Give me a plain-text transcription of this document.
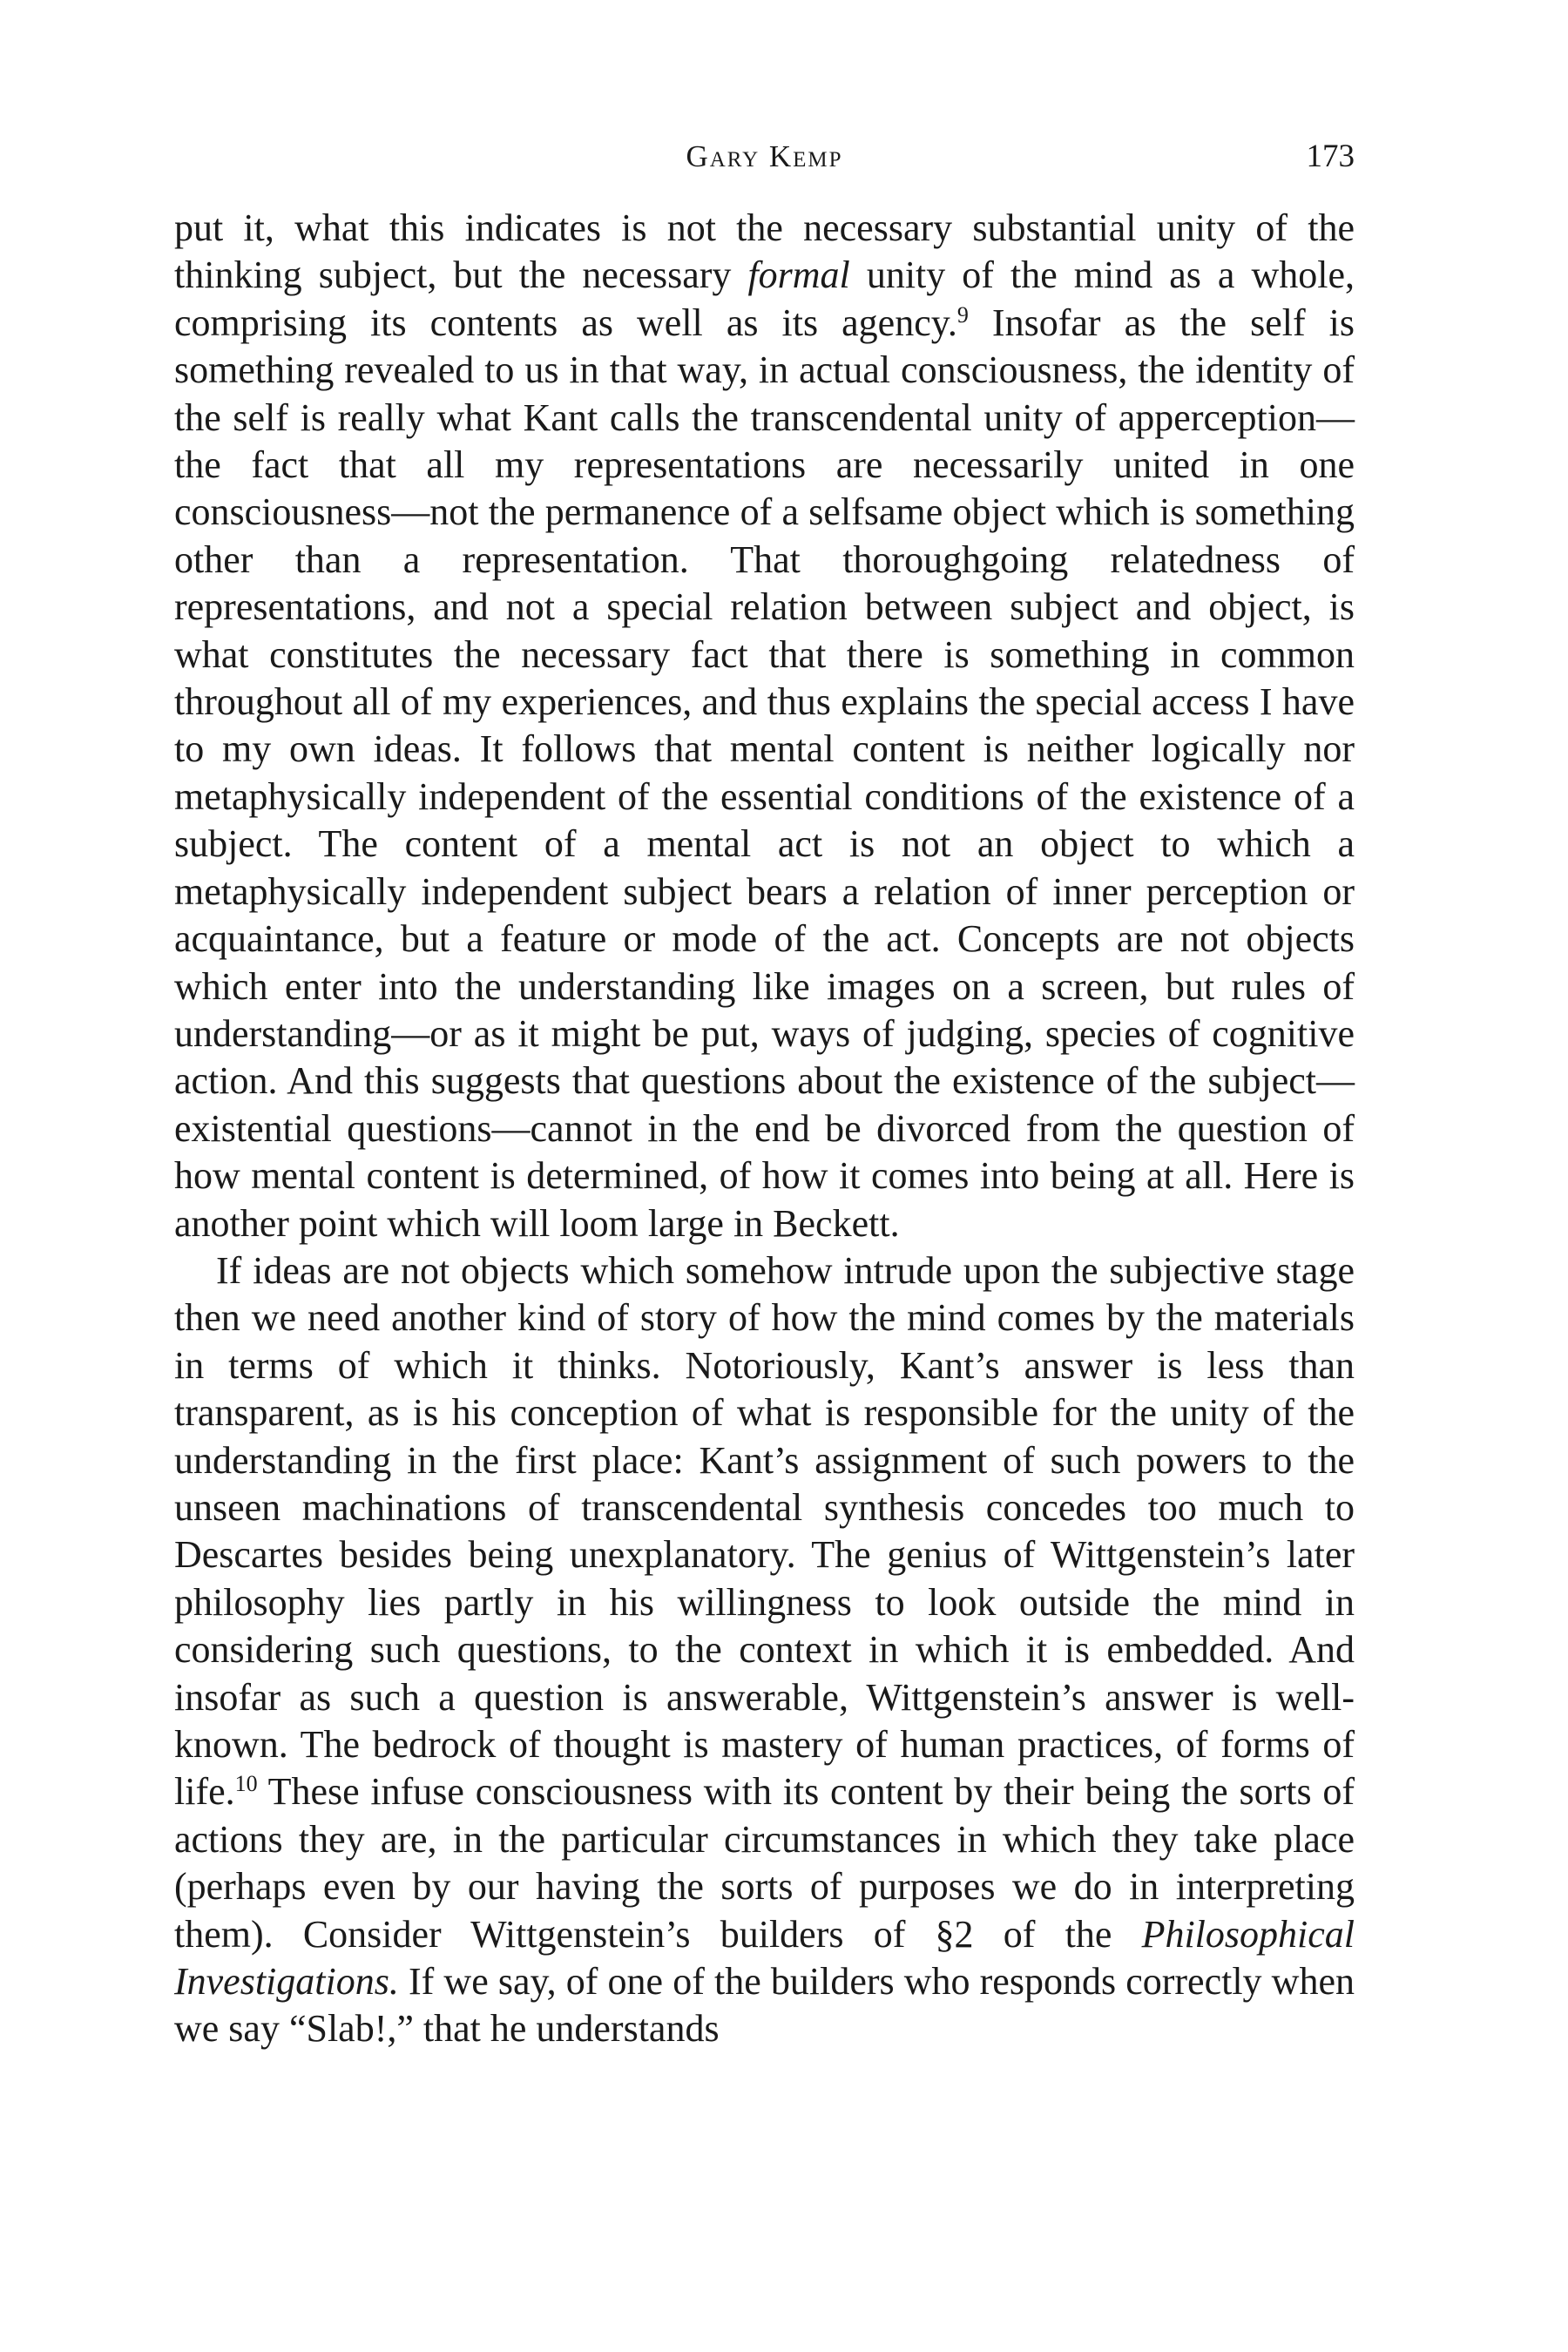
Gary Kemp	173

put it, what this indicates is not the necessary substantial unity of the thinking subject, but the necessary formal unity of the mind as a whole, comprising its contents as well as its agency.$^9$ Insofar as the self is something revealed to us in that way, in actual consciousness, the identity of the self is really what Kant calls the transcendental unity of apperception—the fact that all my representations are necessarily united in one consciousness—not the permanence of a selfsame object which is something other than a representation. That thoroughgoing relatedness of representations, and not a special relation between subject and object, is what constitutes the necessary fact that there is something in common throughout all of my experiences, and thus explains the special access I have to my own ideas. It follows that mental content is neither logically nor metaphysically independent of the essential conditions of the existence of a subject. The content of a mental act is not an object to which a metaphysically independent subject bears a relation of inner perception or acquaintance, but a feature or mode of the act. Concepts are not objects which enter into the understanding like images on a screen, but rules of understanding—or as it might be put, ways of judging, species of cognitive action. And this suggests that questions about the existence of the subject—existential questions—cannot in the end be divorced from the question of how mental content is determined, of how it comes into being at all. Here is another point which will loom large in Beckett.

If ideas are not objects which somehow intrude upon the subjective stage then we need another kind of story of how the mind comes by the materials in terms of which it thinks. Notoriously, Kant’s answer is less than transparent, as is his conception of what is responsible for the unity of the understanding in the first place: Kant’s assignment of such powers to the unseen machinations of transcendental synthesis concedes too much to Descartes besides being unexplanatory. The genius of Wittgenstein’s later philosophy lies partly in his willingness to look outside the mind in considering such questions, to the context in which it is embedded. And insofar as such a question is answerable, Wittgenstein’s answer is well-known. The bedrock of thought is mastery of human practices, of forms of life.$^{10}$ These infuse consciousness with its content by their being the sorts of actions they are, in the particular circumstances in which they take place (perhaps even by our having the sorts of purposes we do in interpreting them). Consider Wittgenstein’s builders of §2 of the Philosophical Investigations. If we say, of one of the builders who responds correctly when we say “Slab!,” that he understands
